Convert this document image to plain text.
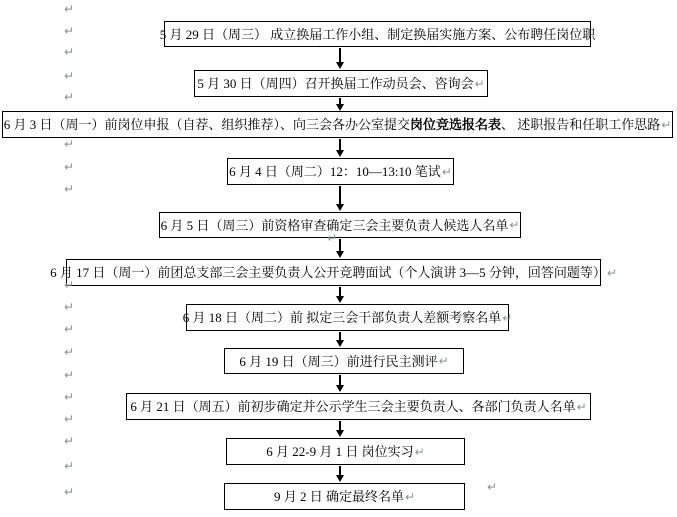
5 月 29 日（周三） 成立换届工作小组、制定换届实施方案、公布聘任岗位职
5 月 30 日（周四）召开换届工作动员会、咨询会 ↵
6 月 3 日（周一）前岗位申报（自荐、组织推荐）、向三会各办公室提交 岗位竞选报名表 、 述职报告和任职工作思路 ↵
6 月 4 日（周二）12：10—13:10 笔试 ↵
6 月 5 日（周三）前资格审查确定三会主要负责人候选人名单 ↵
6 月 17 日（周一）前团总支部三会主要负责人公开竞聘面试（个人演讲 3—5 分钟，回答问题等） ↵
6 月 18 日（周二）前 拟定三会干部负责人差额考察名单 ↵
6 月 19 日（周三）前进行民主测评 ↵
6 月 21 日（周五）前初步确定并公示学生三会主要负责人、各部门负责人名单 ↵
6 月 22-9 月 1 日 岗位实习 ↵
9 月 2 日 确定最终名单 ↵
↵
↵
↵
↵
↵
↵
↵
↵
↵
↵
↵
↵
↵
↵
↵
↵
↵
↵
↵
↵
